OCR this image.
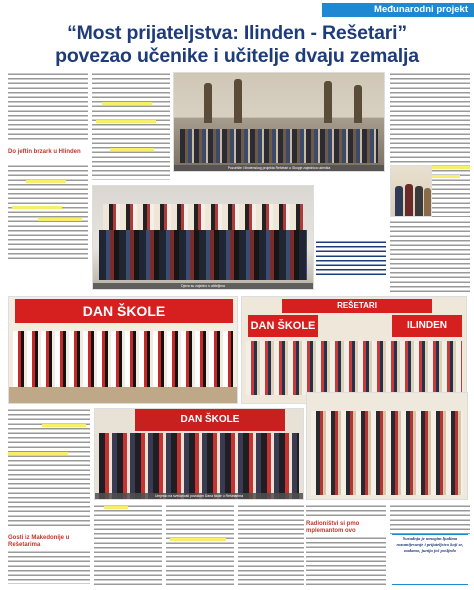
Međunarodni projekt
“Most prijateljstva: Ilinden - Rešetari”
povezao učenike i učitelje dvaju zemalja

Do jeftin brzark u Hlinden
Pozorište i Ilindenskog projekta Rešetari u Skopje zajednica učenika
Djeca su zajedno s učiteljima
DAN ŠKOLE	REŠETARI
DAN ŠKOLE	ILINDEN
Gosti iz Makedonije u Rešetarima
DAN ŠKOLE
Umjesto na svečanosti povodom Dana škole u Rešetarima
Radioništvi si pmo mplemantom ovo
Suradnja je mnogim ljudima razumijevanje i prijateljstvo koji se, nadamo, junija još posljedo
